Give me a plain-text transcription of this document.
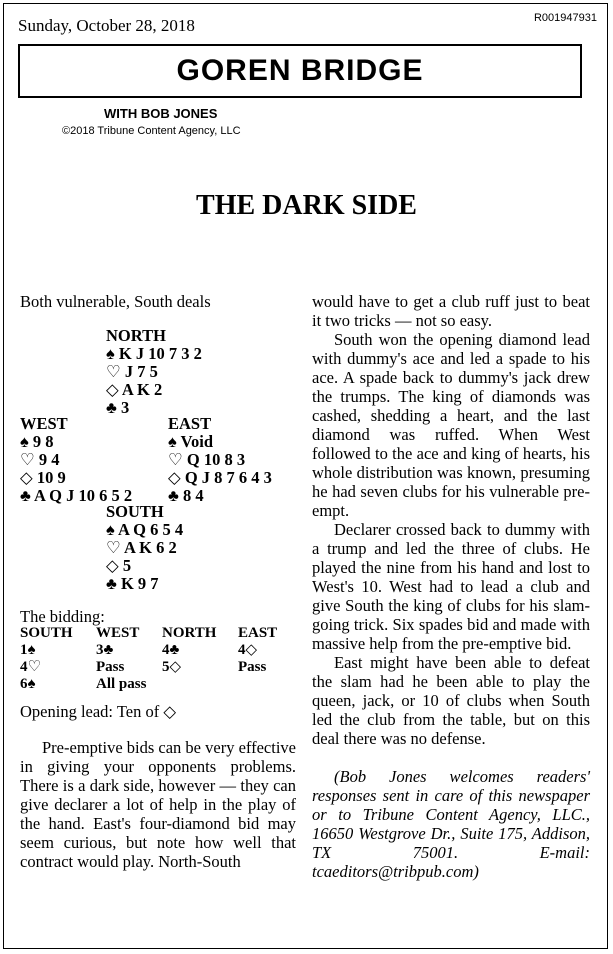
Sunday, October 28, 2018	R001947931
GOREN BRIDGE
WITH BOB JONES
©2018 Tribune Content Agency, LLC
THE DARK SIDE
Both vulnerable, South deals
NORTH
♠ K J 10 7 3 2
♡ J 7 5
◇ A K 2
♣ 3
WEST
♠ 9 8
♡ 9 4
◇ 10 9
♣ A Q J 10 6 5 2
EAST
♠ Void
♡ Q 10 8 3
◇ Q J 8 7 6 4 3
♣ 8 4
SOUTH
♠ A Q 6 5 4
♡ A K 6 2
◇ 5
♣ K 9 7
The bidding:
SOUTH	WEST	NORTH	EAST
1♠	3♣	4♣	4◇
4♡	Pass	5◇	Pass
6♠	All pass
Opening lead: Ten of ◇

Pre-emptive bids can be very effective in giving your opponents problems. There is a dark side, however — they can give declarer a lot of help in the play of the hand. East's four-diamond bid may seem curious, but note how well that contract would play. North-South

would have to get a club ruff just to beat it two tricks — not so easy.

South won the opening diamond lead with dummy's ace and led a spade to his ace. A spade back to dummy's jack drew the trumps. The king of diamonds was cashed, shedding a heart, and the last diamond was ruffed. When West followed to the ace and king of hearts, his whole distribution was known, presuming he had seven clubs for his vulnerable pre-empt.

Declarer crossed back to dummy with a trump and led the three of clubs. He played the nine from his hand and lost to West's 10. West had to lead a club and give South the king of clubs for his slam-going trick. Six spades bid and made with massive help from the pre-emptive bid.

East might have been able to defeat the slam had he been able to play the queen, jack, or 10 of clubs when South led the club from the table, but on this deal there was no defense.

(Bob Jones welcomes readers' responses sent in care of this newspaper or to Tribune Content Agency, LLC., 16650 Westgrove Dr., Suite 175, Addison, TX 75001. E-mail: tcaeditors@tribpub.com)
